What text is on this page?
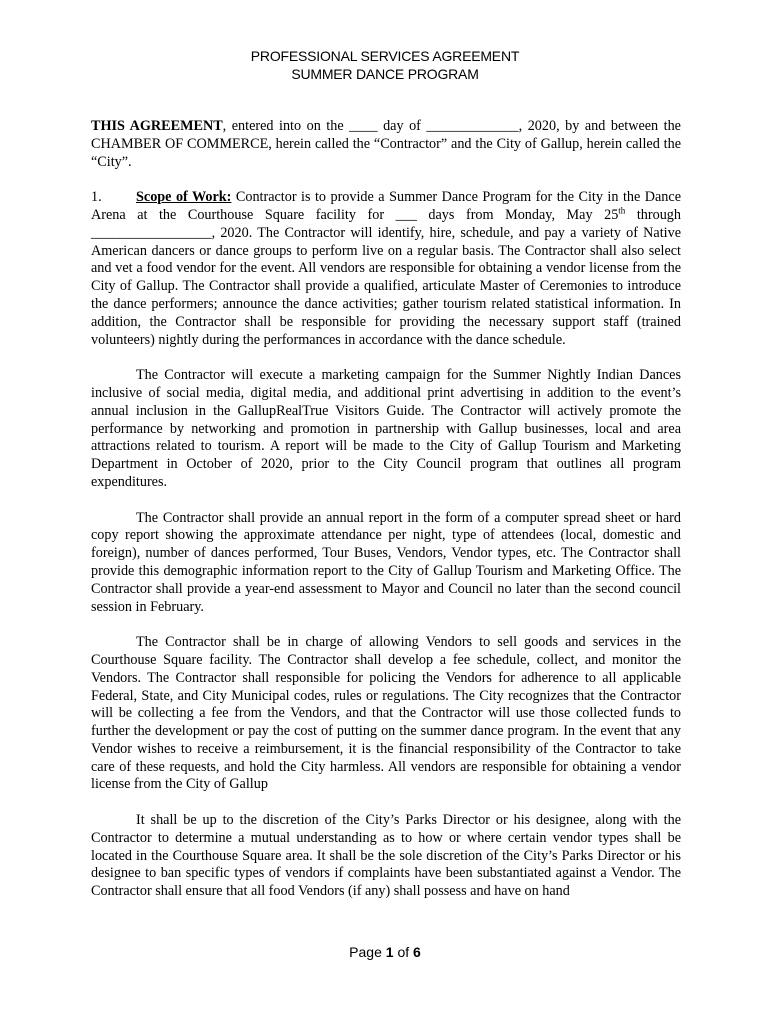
PROFESSIONAL SERVICES AGREEMENT
SUMMER DANCE PROGRAM

THIS AGREEMENT, entered into on the ____ day of _____________, 2020, by and between the CHAMBER OF COMMERCE, herein called the “Contractor” and the City of Gallup, herein called the “City”.

1. Scope of Work: Contractor is to provide a Summer Dance Program for the City in the Dance Arena at the Courthouse Square facility for ___ days from Monday, May 25th through _________________, 2020. The Contractor will identify, hire, schedule, and pay a variety of Native American dancers or dance groups to perform live on a regular basis. The Contractor shall also select and vet a food vendor for the event. All vendors are responsible for obtaining a vendor license from the City of Gallup. The Contractor shall provide a qualified, articulate Master of Ceremonies to introduce the dance performers; announce the dance activities; gather tourism related statistical information. In addition, the Contractor shall be responsible for providing the necessary support staff (trained volunteers) nightly during the performances in accordance with the dance schedule.

The Contractor will execute a marketing campaign for the Summer Nightly Indian Dances inclusive of social media, digital media, and additional print advertising in addition to the event’s annual inclusion in the GallupRealTrue Visitors Guide. The Contractor will actively promote the performance by networking and promotion in partnership with Gallup businesses, local and area attractions related to tourism. A report will be made to the City of Gallup Tourism and Marketing Department in October of 2020, prior to the City Council program that outlines all program expenditures.

The Contractor shall provide an annual report in the form of a computer spread sheet or hard copy report showing the approximate attendance per night, type of attendees (local, domestic and foreign), number of dances performed, Tour Buses, Vendors, Vendor types, etc. The Contractor shall provide this demographic information report to the City of Gallup Tourism and Marketing Office. The Contractor shall provide a year-end assessment to Mayor and Council no later than the second council session in February.

The Contractor shall be in charge of allowing Vendors to sell goods and services in the Courthouse Square facility. The Contractor shall develop a fee schedule, collect, and monitor the Vendors. The Contractor shall responsible for policing the Vendors for adherence to all applicable Federal, State, and City Municipal codes, rules or regulations. The City recognizes that the Contractor will be collecting a fee from the Vendors, and that the Contractor will use those collected funds to further the development or pay the cost of putting on the summer dance program. In the event that any Vendor wishes to receive a reimbursement, it is the financial responsibility of the Contractor to take care of these requests, and hold the City harmless. All vendors are responsible for obtaining a vendor license from the City of Gallup

It shall be up to the discretion of the City’s Parks Director or his designee, along with the Contractor to determine a mutual understanding as to how or where certain vendor types shall be located in the Courthouse Square area. It shall be the sole discretion of the City’s Parks Director or his designee to ban specific types of vendors if complaints have been substantiated against a Vendor. The Contractor shall ensure that all food Vendors (if any) shall possess and have on hand

Page 1 of 6
